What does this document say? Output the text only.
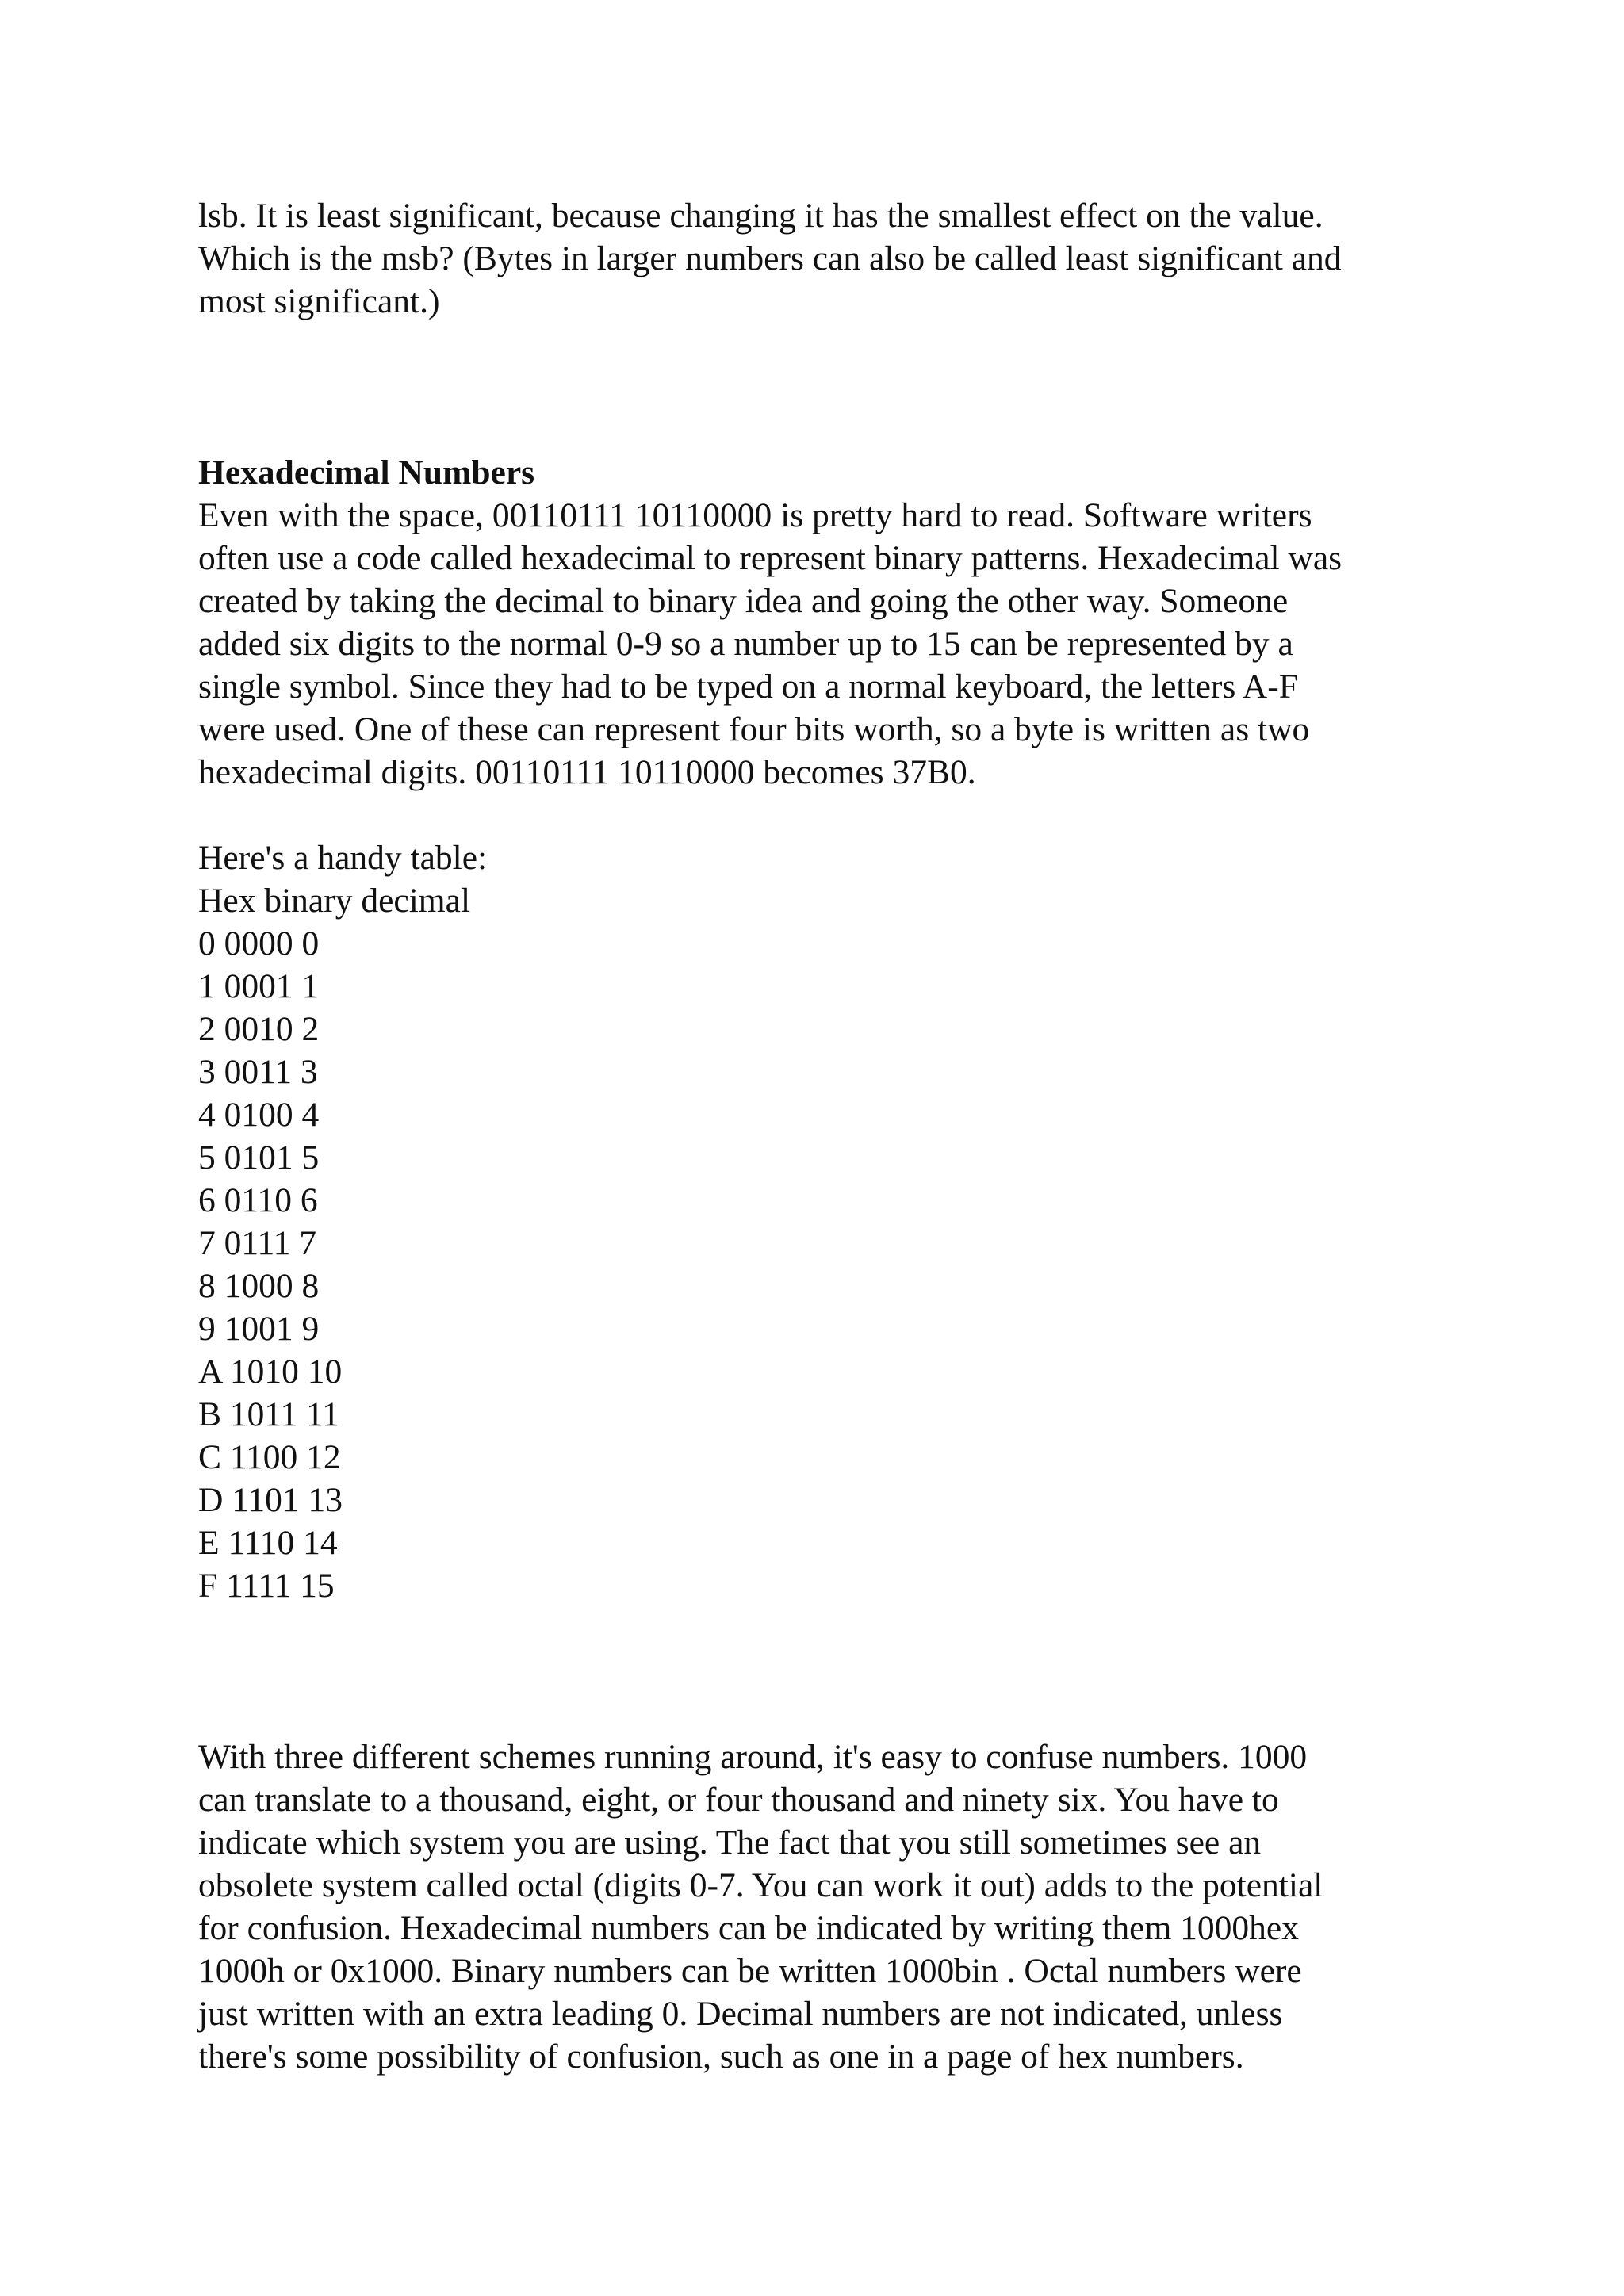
lsb. It is least significant, because changing it has the smallest effect on the value.
Which is the msb? (Bytes in larger numbers can also be called least significant and
most significant.)

Hexadecimal Numbers
Even with the space, 00110111 10110000 is pretty hard to read. Software writers
often use a code called hexadecimal to represent binary patterns. Hexadecimal was
created by taking the decimal to binary idea and going the other way. Someone
added six digits to the normal 0-9 so a number up to 15 can be represented by a
single symbol. Since they had to be typed on a normal keyboard, the letters A-F
were used. One of these can represent four bits worth, so a byte is written as two
hexadecimal digits. 00110111 10110000 becomes 37B0.

Here's a handy table:
Hex binary decimal
0 0000 0
1 0001 1
2 0010 2
3 0011 3
4 0100 4
5 0101 5
6 0110 6
7 0111 7
8 1000 8
9 1001 9
A 1010 10
B 1011 11
C 1100 12
D 1101 13
E 1110 14
F 1111 15

With three different schemes running around, it's easy to confuse numbers. 1000
can translate to a thousand, eight, or four thousand and ninety six. You have to
indicate which system you are using. The fact that you still sometimes see an
obsolete system called octal (digits 0-7. You can work it out) adds to the potential
for confusion. Hexadecimal numbers can be indicated by writing them 1000hex
1000h or 0x1000. Binary numbers can be written 1000bin . Octal numbers were
just written with an extra leading 0. Decimal numbers are not indicated, unless
there's some possibility of confusion, such as one in a page of hex numbers.
